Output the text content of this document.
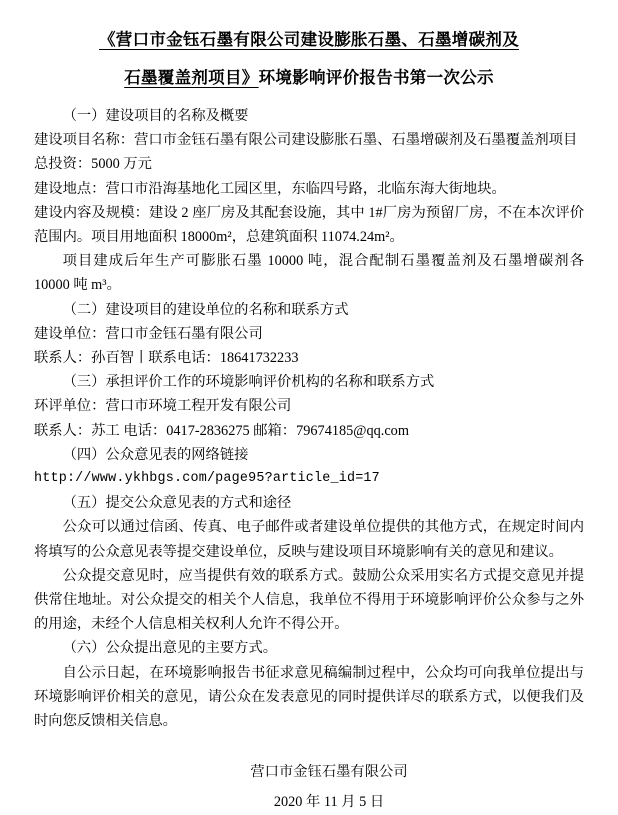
《营口市金钰石墨有限公司建设膨胀石墨、石墨增碳剂及
石墨覆盖剂项目》环境影响评价报告书第一次公示

（一）建设项目的名称及概要

建设项目名称：营口市金钰石墨有限公司建设膨胀石墨、石墨增碳剂及石墨覆盖剂项目

总投资：5000 万元

建设地点：营口市沿海基地化工园区里，东临四号路，北临东海大街地块。

建设内容及规模：建设 2 座厂房及其配套设施，其中 1#厂房为预留厂房，不在本次评价范围内。项目用地面积 18000m²，总建筑面积 11074.24m²。

项目建成后年生产可膨胀石墨 10000 吨，混合配制石墨覆盖剂及石墨增碳剂各 10000 吨 m³。

（二）建设项目的建设单位的名称和联系方式

建设单位：营口市金钰石墨有限公司

联系人：孙百智丨联系电话：18641732233

（三）承担评价工作的环境影响评价机构的名称和联系方式

环评单位：营口市环境工程开发有限公司

联系人：苏工 电话：0417-2836275 邮箱：79674185@qq.com

（四）公众意见表的网络链接

http://www.ykhbgs.com/page95?article_id=17

（五）提交公众意见表的方式和途径

公众可以通过信函、传真、电子邮件或者建设单位提供的其他方式，在规定时间内将填写的公众意见表等提交建设单位，反映与建设项目环境影响有关的意见和建议。

公众提交意见时，应当提供有效的联系方式。鼓励公众采用实名方式提交意见并提供常住地址。对公众提交的相关个人信息，我单位不得用于环境影响评价公众参与之外的用途，未经个人信息相关权利人允许不得公开。

（六）公众提出意见的主要方式。

自公示日起，在环境影响报告书征求意见稿编制过程中，公众均可向我单位提出与环境影响评价相关的意见，请公众在发表意见的同时提供详尽的联系方式，以便我们及时向您反馈相关信息。

营口市金钰石墨有限公司
2020 年 11 月 5 日
